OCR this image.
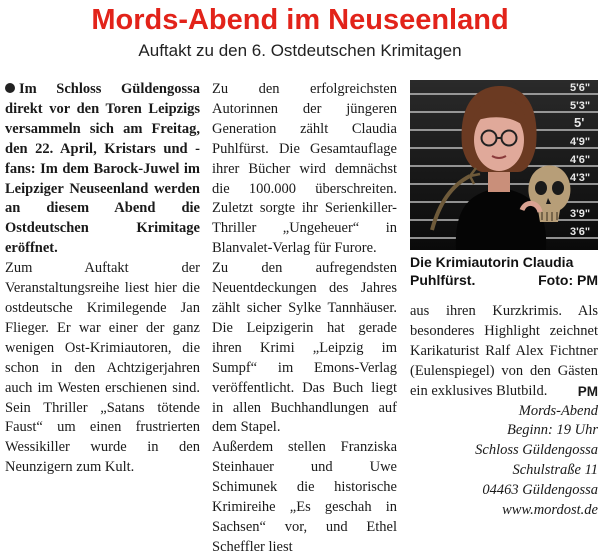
Mords-Abend im Neuseenland
Auftakt zu den 6. Ostdeutschen Krimitagen

Im Schloss Güldengossa direkt vor den Toren Leipzigs versammeln sich am Freitag, den 22. April, Kristars und -fans: Im dem Barock-Juwel im Leipziger Neuseenland werden an diesem Abend die Ostdeutschen Krimitage eröffnet.

Zum Auftakt der Veranstaltungsreihe liest hier die ostdeutsche Krimilegende Jan Flieger. Er war einer der ganz wenigen Ost-Krimiautoren, die schon in den Achtzigerjahren auch im Westen erschienen sind. Sein Thriller „Satans tötende Faust“ um einen frustrierten Wessikiller wurde in den Neunzigern zum Kult.

Zu den erfolgreichsten Autorinnen der jüngeren Generation zählt Claudia Puhlfürst. Die Gesamtauflage ihrer Bücher wird demnächst die 100.000 überschreiten. Zuletzt sorgte ihr Serienkiller-Thriller „Ungeheuer“ in Blanvalet-Verlag für Furore.

Zu den aufregendsten Neuentdeckungen des Jahres zählt sicher Sylke Tannhäuser. Die Leipzigerin hat gerade ihren Krimi „Leipzig im Sumpf“ im Emons-Verlag veröffentlicht. Das Buch liegt in allen Buchhandlungen auf dem Stapel.

Außerdem stellen Franziska Steinhauer und Uwe Schimunek die historische Krimireihe „Es geschah in Sachsen“ vor, und Ethel Scheffler liest

5'6"
5'3"
5'
4'9"
4'6"
4'3"
3'9"
3'6"
Die Krimiautorin Claudia Puhlfürst.	Foto: PM

aus ihren Kurzkrimis. Als besonderes Highlight zeichnet Karikaturist Ralf Alex Fichtner (Eulenspiegel) von den Gästen ein exklusives Blutbild. PM

Mords-Abend
Beginn: 19 Uhr
Schloss Güldengossa
Schulstraße 11
04463 Güldengossa
www.mordost.de
